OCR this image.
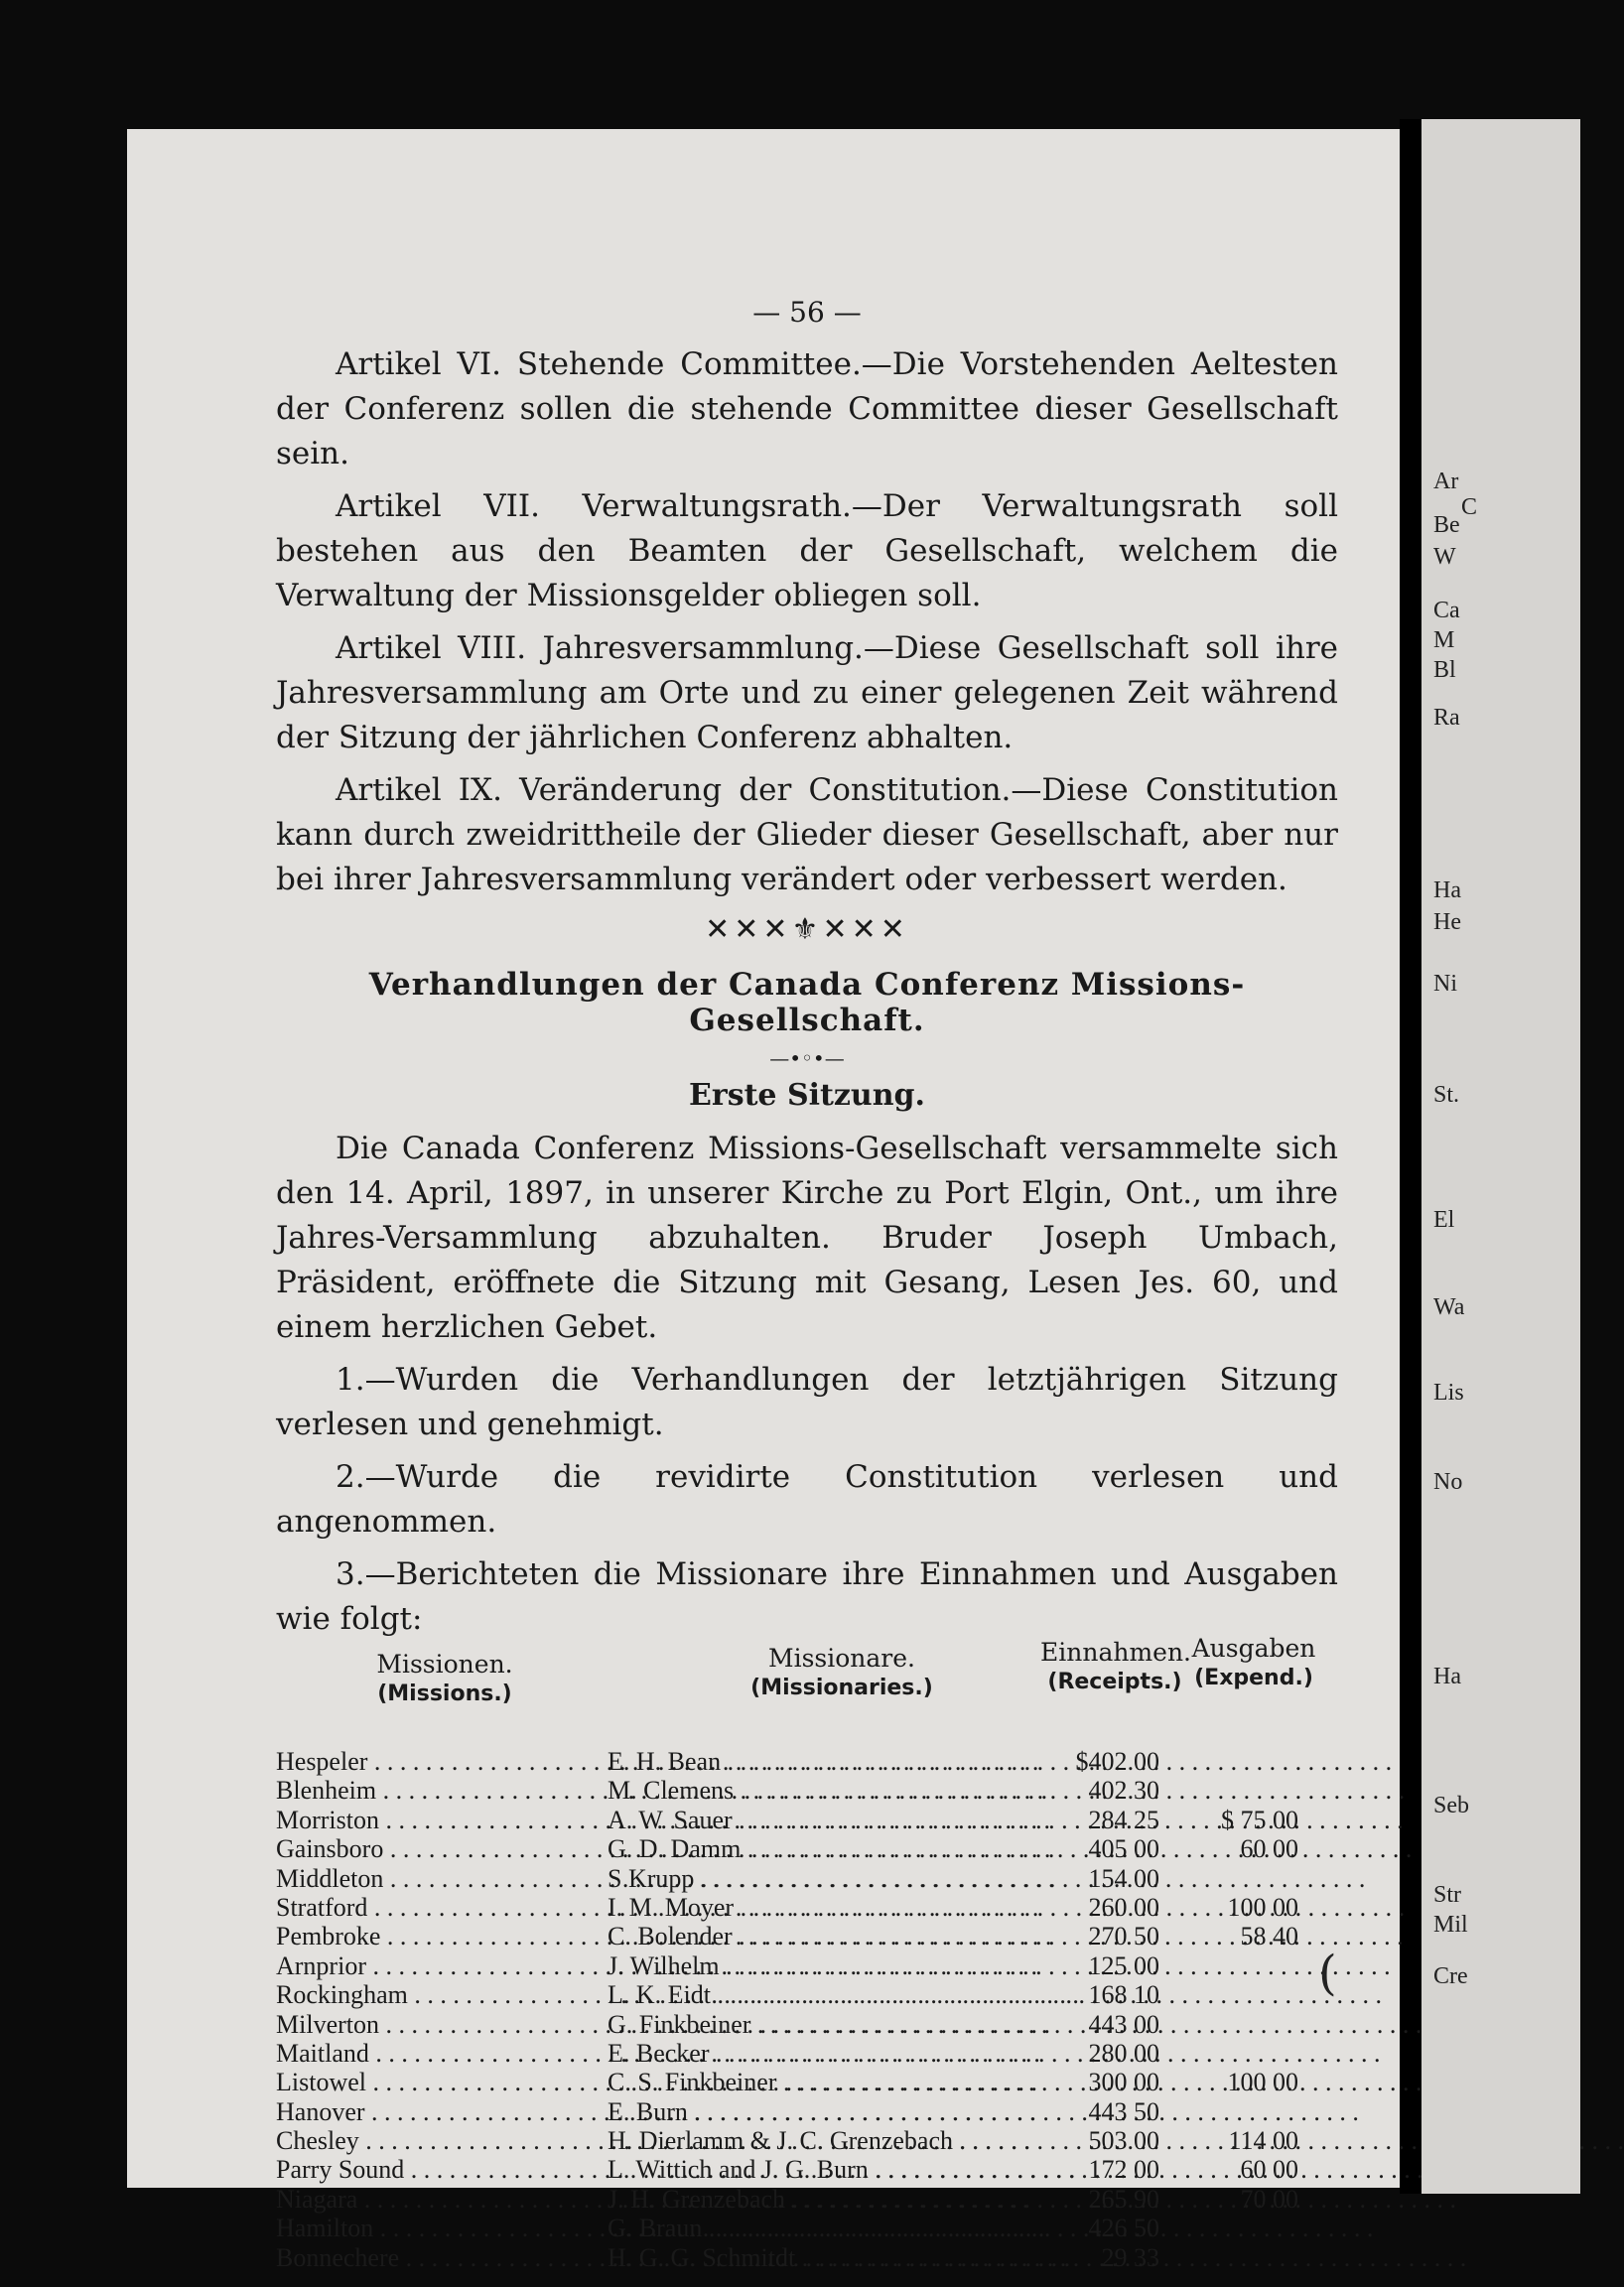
— 56 —

Artikel VI. Stehende Committee.—Die Vorstehenden Aeltesten der Conferenz sollen die stehende Committee dieser Gesellschaft sein.

Artikel VII. Verwaltungsrath.—Der Verwaltungsrath soll bestehen aus den Beamten der Gesellschaft, welchem die Verwaltung der Missionsgelder obliegen soll.

Artikel VIII. Jahresversammlung.—Diese Gesellschaft soll ihre Jahresversammlung am Orte und zu einer gelegenen Zeit während der Sitzung der jährlichen Conferenz abhalten.

Artikel IX. Veränderung der Constitution.—Diese Constitution kann durch zweidrittheile der Glieder dieser Gesellschaft, aber nur bei ihrer Jahresversammlung verändert oder verbessert werden.

✕✕✕⚜✕✕✕
Verhandlungen der Canada Conferenz Missions-Gesellschaft.
—•◦•—
Erste Sitzung.

Die Canada Conferenz Missions-Gesellschaft versammelte sich den 14. April, 1897, in unserer Kirche zu Port Elgin, Ont., um ihre Jahres-Versammlung abzuhalten. Bruder Joseph Umbach, Präsident, eröffnete die Sitzung mit Gesang, Lesen Jes. 60, und einem herzlichen Gebet.

1.—Wurden die Verhandlungen der letztjährigen Sitzung verlesen und genehmigt.

2.—Wurde die revidirte Constitution verlesen und angenommen.

3.—Berichteten die Missionare ihre Einnahmen und Ausgaben wie folgt:

Missionen.
(Missions.)
Missionare.
(Missionaries.)
Einnahmen.
(Receipts.)
Ausgaben
(Expend.)
Hespeler . . .	E. H. Bean . . .	$402 00
Blenheim . . .	M. Clemens . . .	402 30
Morriston . . .	A. W. Sauer . . .	284 25	$ 75 00
Gainsboro . . .	G. D. Damm . . .	405 00	60 00
Middleton . . .	S Krupp . . .	154 00
Stratford . . .	I. M. Moyer . . .	260 00	100 00
Pembroke . . .	C. Bolender . . .	270 50	58 40
Arnprior . . .	J. Wilhelm . . .	125 00
Rockingham . . .	L. K. Eidt . . .	168 10
Milverton . . .	G. Finkbeiner . . .	443 00
Maitland . . .	E. Becker . . .	280 00
Listowel . . .	C. S. Finkbeiner . . .	300 00	100 00
Hanover . . .	E. Burn . . .	443 50
Chesley . . .	H. Dierlamm & J. C. Grenzebach . . .	503 00	114 00
Parry Sound . . .	L. Wittich and J. G. Burn . . .	172 00	60 00
Niagara . . .	J. H. Grenzebach . . .	265 90	70 00
Hamilton . . .	G. Braun . . .	426 50
Bonnechere . . .	H. G. G. Schmitdt . . .	29 33
Ar
C
Be
W
Ca
M
Bl
Ra
Ha
He
Ni
St.
El
Wa
Lis
No
Ha
Seb
Str
Mil
Cre
(
